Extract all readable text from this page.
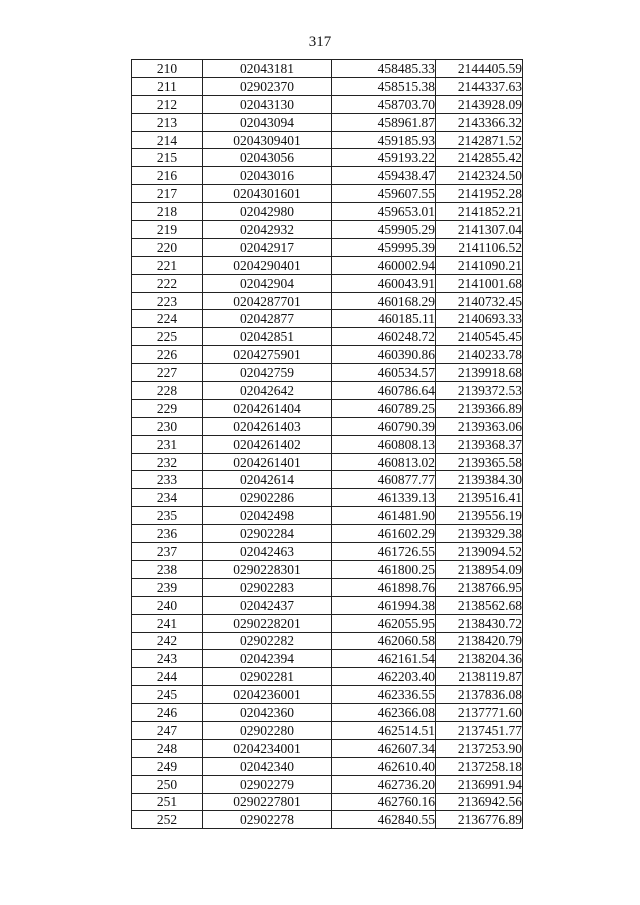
317
210	02043181	458485.33	2144405.59
211	02902370	458515.38	2144337.63
212	02043130	458703.70	2143928.09
213	02043094	458961.87	2143366.32
214	0204309401	459185.93	2142871.52
215	02043056	459193.22	2142855.42
216	02043016	459438.47	2142324.50
217	0204301601	459607.55	2141952.28
218	02042980	459653.01	2141852.21
219	02042932	459905.29	2141307.04
220	02042917	459995.39	2141106.52
221	0204290401	460002.94	2141090.21
222	02042904	460043.91	2141001.68
223	0204287701	460168.29	2140732.45
224	02042877	460185.11	2140693.33
225	02042851	460248.72	2140545.45
226	0204275901	460390.86	2140233.78
227	02042759	460534.57	2139918.68
228	02042642	460786.64	2139372.53
229	0204261404	460789.25	2139366.89
230	0204261403	460790.39	2139363.06
231	0204261402	460808.13	2139368.37
232	0204261401	460813.02	2139365.58
233	02042614	460877.77	2139384.30
234	02902286	461339.13	2139516.41
235	02042498	461481.90	2139556.19
236	02902284	461602.29	2139329.38
237	02042463	461726.55	2139094.52
238	0290228301	461800.25	2138954.09
239	02902283	461898.76	2138766.95
240	02042437	461994.38	2138562.68
241	0290228201	462055.95	2138430.72
242	02902282	462060.58	2138420.79
243	02042394	462161.54	2138204.36
244	02902281	462203.40	2138119.87
245	0204236001	462336.55	2137836.08
246	02042360	462366.08	2137771.60
247	02902280	462514.51	2137451.77
248	0204234001	462607.34	2137253.90
249	02042340	462610.40	2137258.18
250	02902279	462736.20	2136991.94
251	0290227801	462760.16	2136942.56
252	02902278	462840.55	2136776.89
